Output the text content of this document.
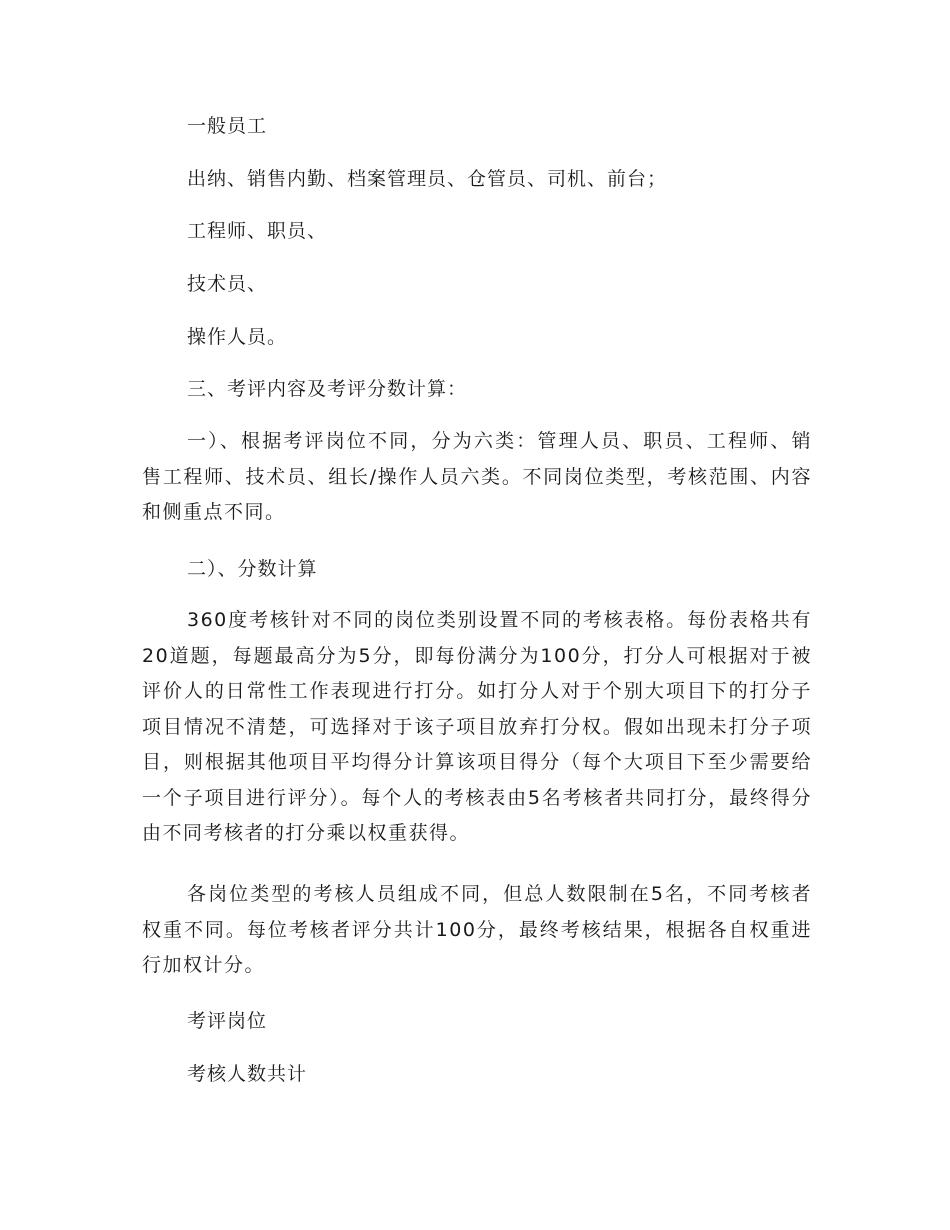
一般员工
出纳、销售内勤、档案管理员、仓管员、司机、前台；
工程师、职员、
技术员、
操作人员。
三、考评内容及考评分数计算：
一）、根据考评岗位不同，分为六类：管理人员、职员、工程师、销售工程师、技术员、组长/操作人员六类。不同岗位类型，考核范围、内容和侧重点不同。
二）、分数计算
360度考核针对不同的岗位类别设置不同的考核表格。每份表格共有20道题，每题最高分为5分，即每份满分为100分，打分人可根据对于被评价人的日常性工作表现进行打分。如打分人对于个别大项目下的打分子项目情况不清楚，可选择对于该子项目放弃打分权。假如出现未打分子项目，则根据其他项目平均得分计算该项目得分（每个大项目下至少需要给一个子项目进行评分）。每个人的考核表由5名考核者共同打分，最终得分由不同考核者的打分乘以权重获得。
各岗位类型的考核人员组成不同，但总人数限制在5名，不同考核者权重不同。每位考核者评分共计100分，最终考核结果，根据各自权重进行加权计分。
考评岗位
考核人数共计
